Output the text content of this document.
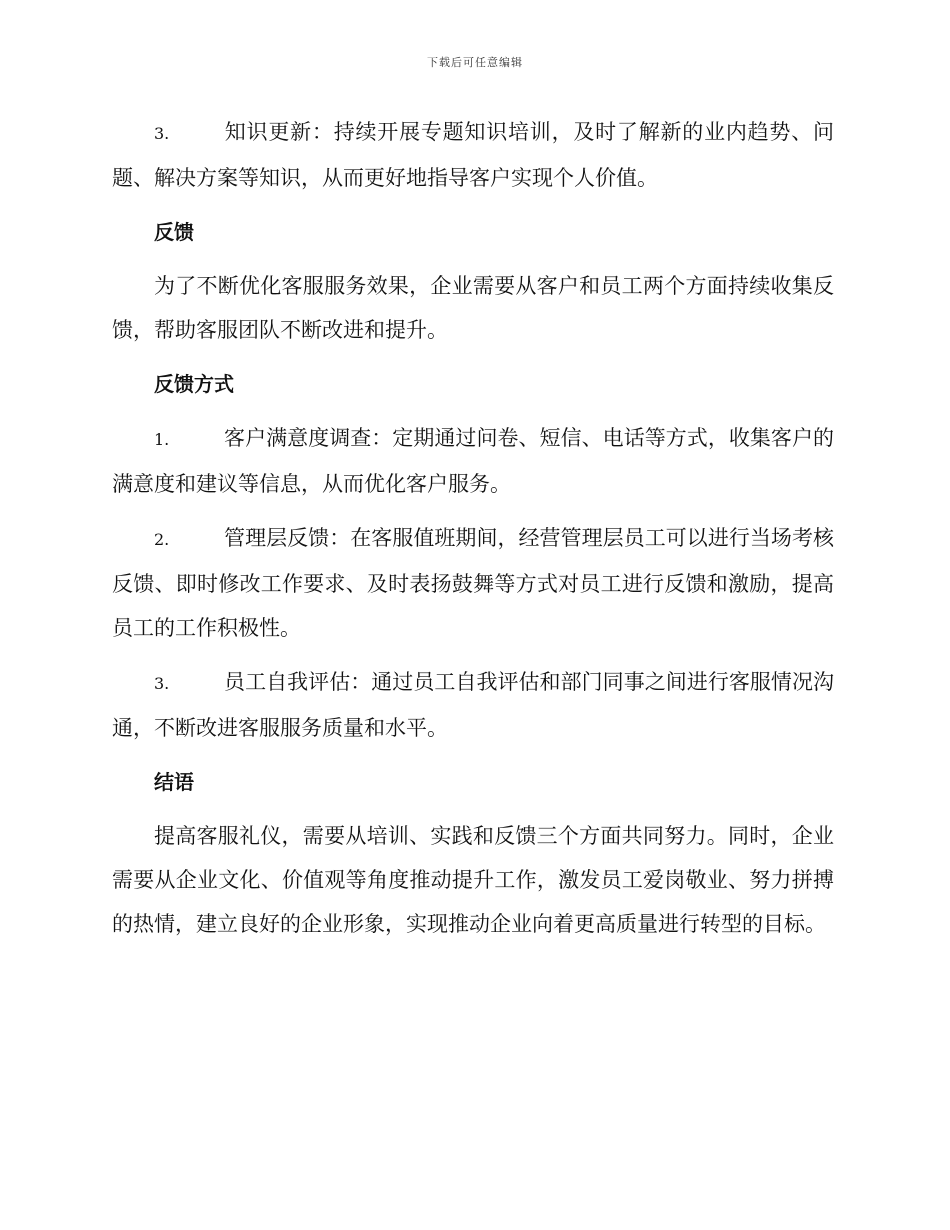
下载后可任意编辑

3.	知识更新：持续开展专题知识培训，及时了解新的业内趋势、问题、解决方案等知识，从而更好地指导客户实现个人价值。

反馈

为了不断优化客服服务效果，企业需要从客户和员工两个方面持续收集反馈，帮助客服团队不断改进和提升。

反馈方式

1.	客户满意度调查：定期通过问卷、短信、电话等方式，收集客户的满意度和建议等信息，从而优化客户服务。

2.	管理层反馈：在客服值班期间，经营管理层员工可以进行当场考核反馈、即时修改工作要求、及时表扬鼓舞等方式对员工进行反馈和激励，提高员工的工作积极性。

3.	员工自我评估：通过员工自我评估和部门同事之间进行客服情况沟通，不断改进客服服务质量和水平。

结语

提高客服礼仪，需要从培训、实践和反馈三个方面共同努力。同时，企业需要从企业文化、价值观等角度推动提升工作，激发员工爱岗敬业、努力拼搏的热情，建立良好的企业形象，实现推动企业向着更高质量进行转型的目标。
